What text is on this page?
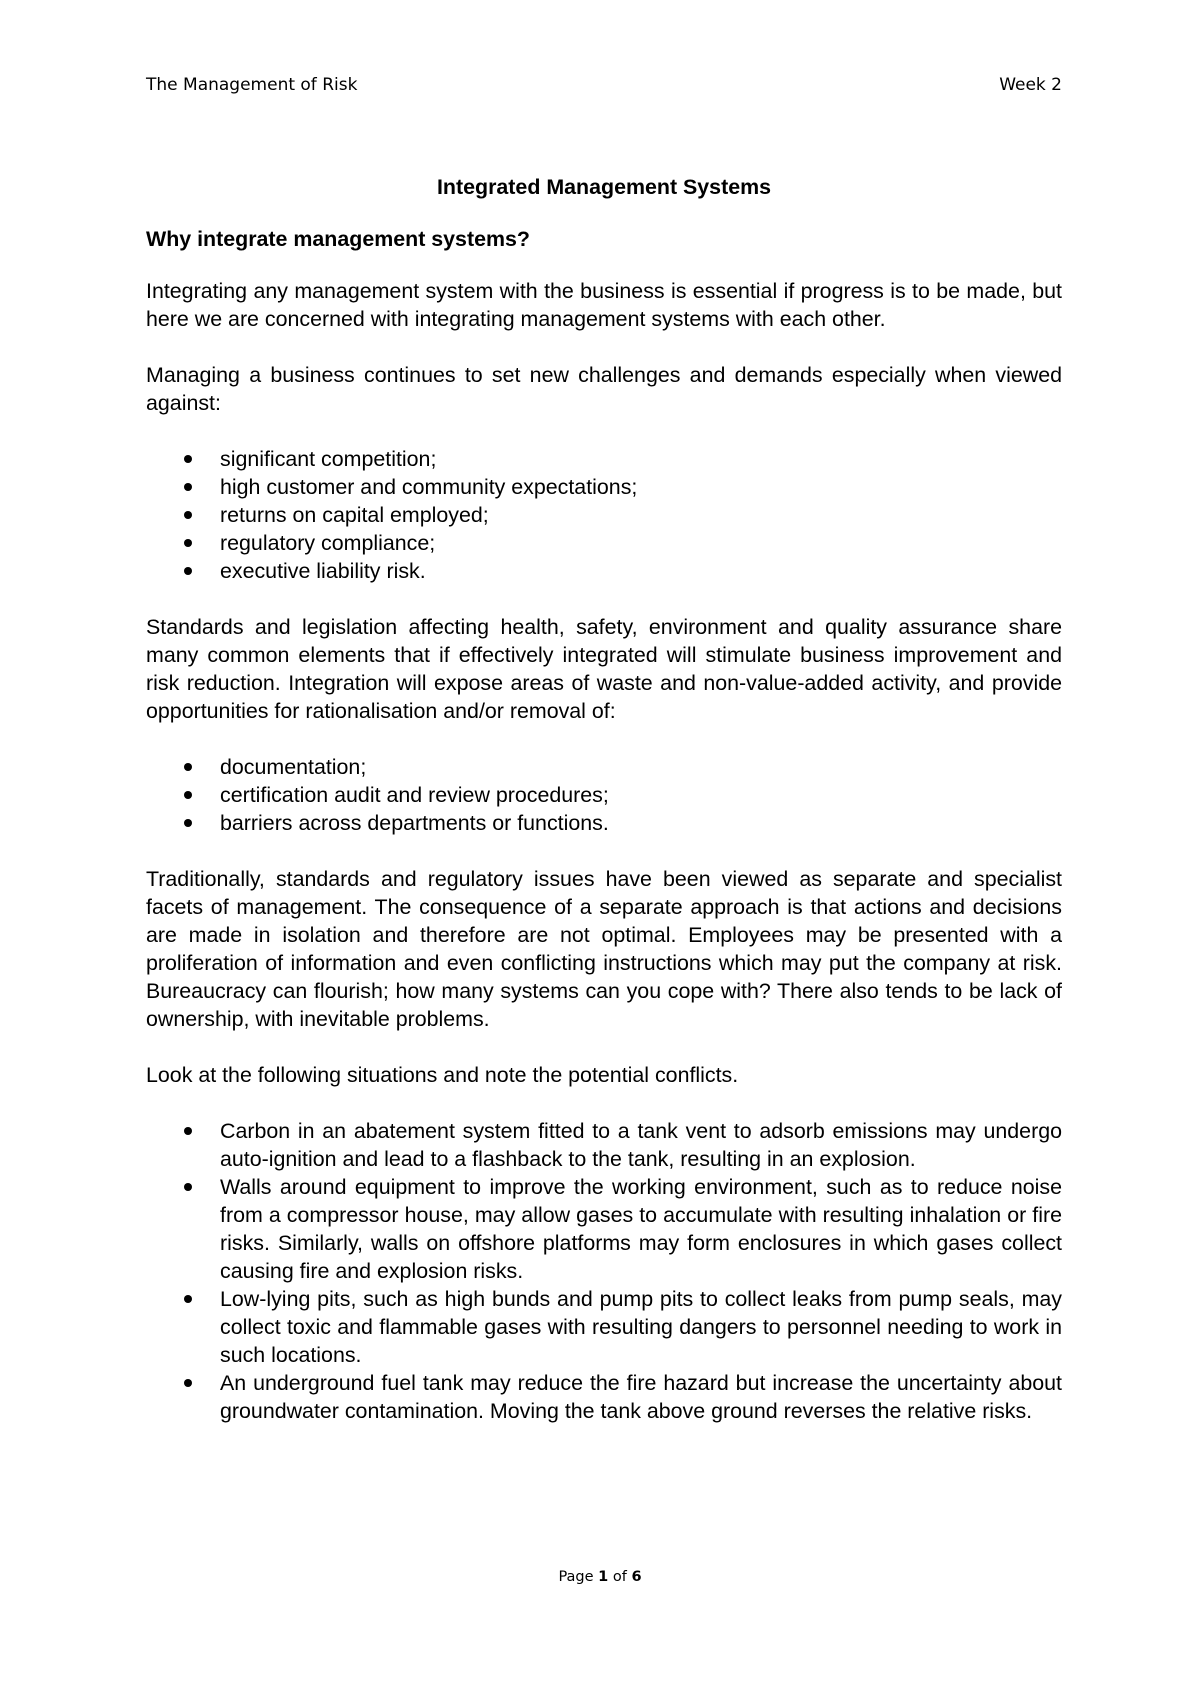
The Management of Risk	Week 2
Integrated Management Systems
Why integrate management systems?

Integrating any management system with the business is essential if progress is to be made, but here we are concerned with integrating management systems with each other.

Managing a business continues to set new challenges and demands especially when viewed against:

significant competition;
high customer and community expectations;
returns on capital employed;
regulatory compliance;
executive liability risk.

Standards and legislation affecting health, safety, environment and quality assurance share many common elements that if effectively integrated will stimulate business improvement and risk reduction. Integration will expose areas of waste and non-value-added activity, and provide opportunities for rationalisation and/or removal of:

documentation;
certification audit and review procedures;
barriers across departments or functions.

Traditionally, standards and regulatory issues have been viewed as separate and specialist facets of management. The consequence of a separate approach is that actions and decisions are made in isolation and therefore are not optimal. Employees may be presented with a proliferation of information and even conflicting instructions which may put the company at risk. Bureaucracy can flourish; how many systems can you cope with? There also tends to be lack of ownership, with inevitable problems.

Look at the following situations and note the potential conflicts.

Carbon in an abatement system fitted to a tank vent to adsorb emissions may undergo auto-ignition and lead to a flashback to the tank, resulting in an explosion.
Walls around equipment to improve the working environment, such as to reduce noise from a compressor house, may allow gases to accumulate with resulting inhalation or fire risks. Similarly, walls on offshore platforms may form enclosures in which gases collect causing fire and explosion risks.
Low-lying pits, such as high bunds and pump pits to collect leaks from pump seals, may collect toxic and flammable gases with resulting dangers to personnel needing to work in such locations.
An underground fuel tank may reduce the fire hazard but increase the uncertainty about groundwater contamination. Moving the tank above ground reverses the relative risks.
Page 1 of 6
